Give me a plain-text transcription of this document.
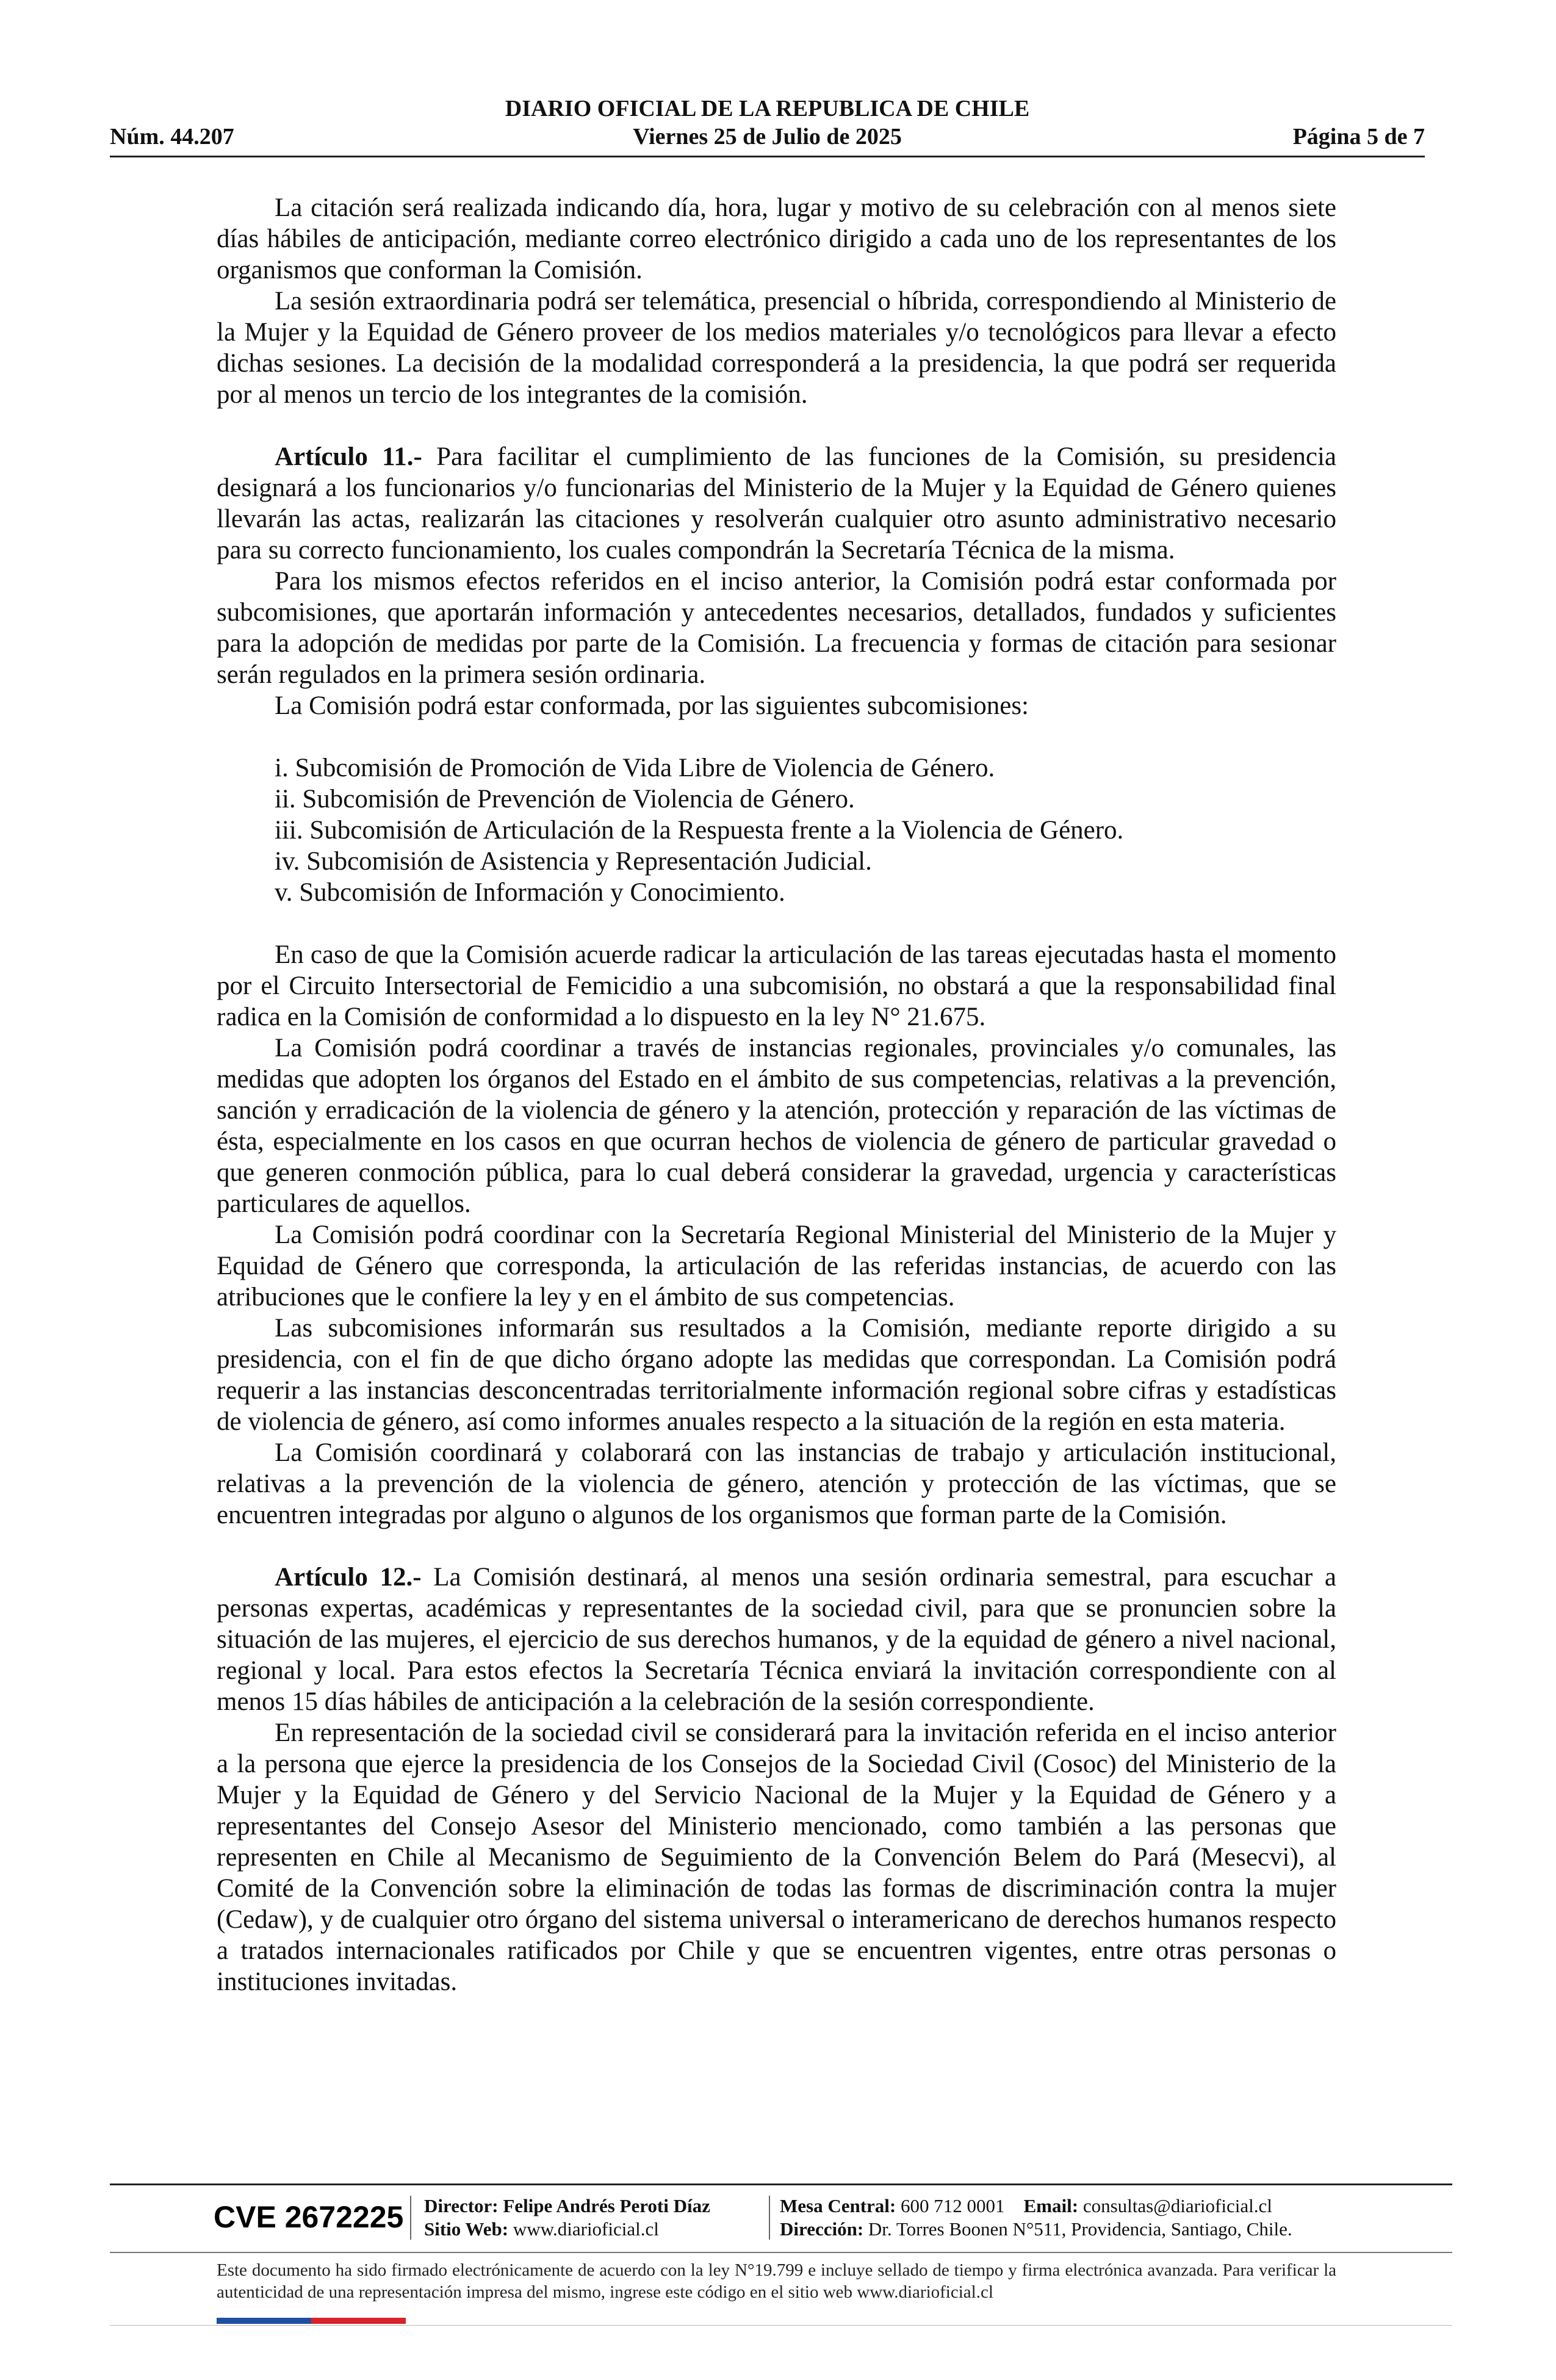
DIARIO OFICIAL DE LA REPUBLICA DE CHILE
Núm. 44.207	Viernes 25 de Julio de 2025	Página 5 de 7

La citación será realizada indicando día, hora, lugar y motivo de su celebración con al menos siete días hábiles de anticipación, mediante correo electrónico dirigido a cada uno de los representantes de los organismos que conforman la Comisión.

La sesión extraordinaria podrá ser telemática, presencial o híbrida, correspondiendo al Ministerio de la Mujer y la Equidad de Género proveer de los medios materiales y/o tecnológicos para llevar a efecto dichas sesiones. La decisión de la modalidad corresponderá a la presidencia, la que podrá ser requerida por al menos un tercio de los integrantes de la comisión.

Artículo 11.- Para facilitar el cumplimiento de las funciones de la Comisión, su presidencia designará a los funcionarios y/o funcionarias del Ministerio de la Mujer y la Equidad de Género quienes llevarán las actas, realizarán las citaciones y resolverán cualquier otro asunto administrativo necesario para su correcto funcionamiento, los cuales compondrán la Secretaría Técnica de la misma.

Para los mismos efectos referidos en el inciso anterior, la Comisión podrá estar conformada por subcomisiones, que aportarán información y antecedentes necesarios, detallados, fundados y suficientes para la adopción de medidas por parte de la Comisión. La frecuencia y formas de citación para sesionar serán regulados en la primera sesión ordinaria.

La Comisión podrá estar conformada, por las siguientes subcomisiones:

i. Subcomisión de Promoción de Vida Libre de Violencia de Género.
ii. Subcomisión de Prevención de Violencia de Género.
iii. Subcomisión de Articulación de la Respuesta frente a la Violencia de Género.
iv. Subcomisión de Asistencia y Representación Judicial.
v. Subcomisión de Información y Conocimiento.

En caso de que la Comisión acuerde radicar la articulación de las tareas ejecutadas hasta el momento por el Circuito Intersectorial de Femicidio a una subcomisión, no obstará a que la responsabilidad final radica en la Comisión de conformidad a lo dispuesto en la ley N° 21.675.

La Comisión podrá coordinar a través de instancias regionales, provinciales y/o comunales, las medidas que adopten los órganos del Estado en el ámbito de sus competencias, relativas a la prevención, sanción y erradicación de la violencia de género y la atención, protección y reparación de las víctimas de ésta, especialmente en los casos en que ocurran hechos de violencia de género de particular gravedad o que generen conmoción pública, para lo cual deberá considerar la gravedad, urgencia y características particulares de aquellos.

La Comisión podrá coordinar con la Secretaría Regional Ministerial del Ministerio de la Mujer y Equidad de Género que corresponda, la articulación de las referidas instancias, de acuerdo con las atribuciones que le confiere la ley y en el ámbito de sus competencias.

Las subcomisiones informarán sus resultados a la Comisión, mediante reporte dirigido a su presidencia, con el fin de que dicho órgano adopte las medidas que correspondan. La Comisión podrá requerir a las instancias desconcentradas territorialmente información regional sobre cifras y estadísticas de violencia de género, así como informes anuales respecto a la situación de la región en esta materia.

La Comisión coordinará y colaborará con las instancias de trabajo y articulación institucional, relativas a la prevención de la violencia de género, atención y protección de las víctimas, que se encuentren integradas por alguno o algunos de los organismos que forman parte de la Comisión.

Artículo 12.- La Comisión destinará, al menos una sesión ordinaria semestral, para escuchar a personas expertas, académicas y representantes de la sociedad civil, para que se pronuncien sobre la situación de las mujeres, el ejercicio de sus derechos humanos, y de la equidad de género a nivel nacional, regional y local. Para estos efectos la Secretaría Técnica enviará la invitación correspondiente con al menos 15 días hábiles de anticipación a la celebración de la sesión correspondiente.

En representación de la sociedad civil se considerará para la invitación referida en el inciso anterior a la persona que ejerce la presidencia de los Consejos de la Sociedad Civil (Cosoc) del Ministerio de la Mujer y la Equidad de Género y del Servicio Nacional de la Mujer y la Equidad de Género y a representantes del Consejo Asesor del Ministerio mencionado, como también a las personas que representen en Chile al Mecanismo de Seguimiento de la Convención Belem do Pará (Mesecvi), al Comité de la Convención sobre la eliminación de todas las formas de discriminación contra la mujer (Cedaw), y de cualquier otro órgano del sistema universal o interamericano de derechos humanos respecto a tratados internacionales ratificados por Chile y que se encuentren vigentes, entre otras personas o instituciones invitadas.

CVE 2672225 Director: Felipe Andrés Peroti Díaz
Sitio Web: www.diarioficial.cl
Mesa Central: 600 712 0001 Email: consultas@diarioficial.cl
Dirección: Dr. Torres Boonen N°511, Providencia, Santiago, Chile.
Este documento ha sido firmado electrónicamente de acuerdo con la ley N°19.799 e incluye sellado de tiempo y firma electrónica avanzada. Para verificar la autenticidad de una representación impresa del mismo, ingrese este código en el sitio web www.diarioficial.cl
